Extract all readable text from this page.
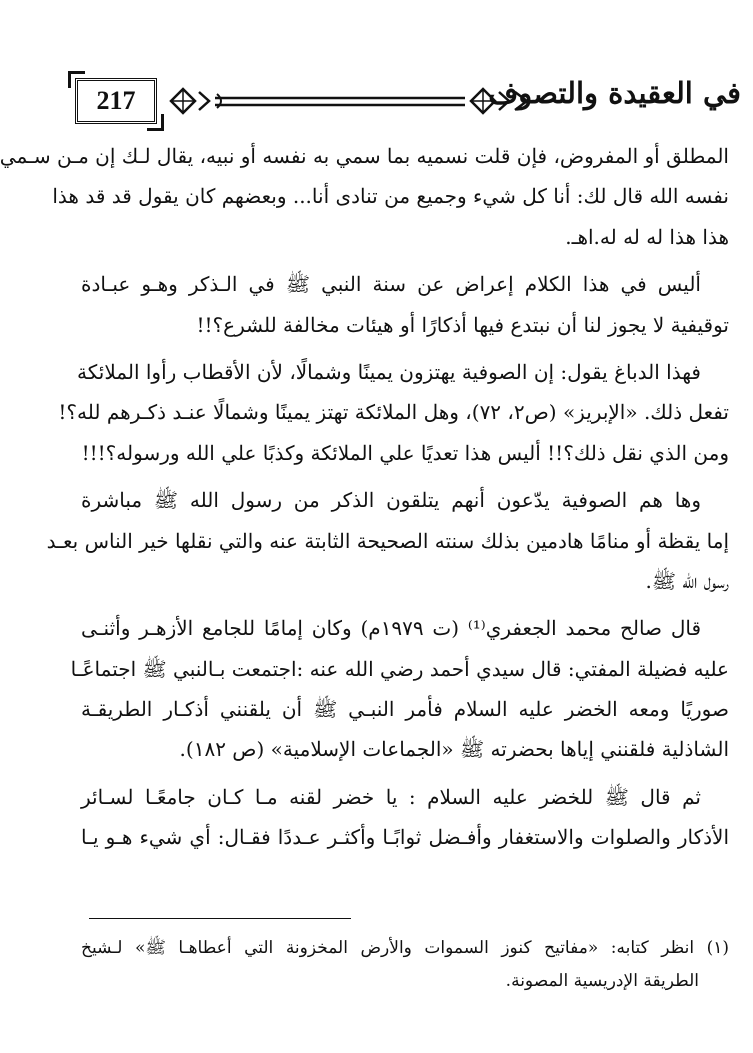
217	في العقيدة والتصوف
المطلق أو المفروض، فإن قلت نسميه بما سمي به نفسه أو نبيه، يقال لـك إن مـن سـمي
نفسه الله قال لك: أنا كل شيء وجميع من تنادى أنا... وبعضهم كان يقول قد قد هذا
هذا هذا له له له.اهـ.
أليس في هذا الكلام إعراض عن سنة النبي ﷺ في الـذكر وهـو عبـادة
توقيفية لا يجوز لنا أن نبتدع فيها أذكارًا أو هيئات مخالفة للشرع؟!!
فهذا الدباغ يقول: إن الصوفية يهتزون يمينًا وشمالًا، لأن الأقطاب رأوا الملائكة
تفعل ذلك. «الإبريز» (ص٢، ٧٢)، وهل الملائكة تهتز يمينًا وشمالًا عنـد ذكـرهم لله؟!
ومن الذي نقل ذلك؟!! أليس هذا تعديًا علي الملائكة وكذبًا علي الله ورسوله؟!!!
وها هم الصوفية يدّعون أنهم يتلقون الذكر من رسول الله ﷺ مباشرة
إما يقظة أو منامًا هادمين بذلك سنته الصحيحة الثابتة عنه والتي نقلها خير الناس بعـد
رسول الله ﷺ.
قال صالح محمد الجعفري⁽¹⁾ (ت ١٩٧٩م) وكان إمامًا للجامع الأزهـر وأثنـى
عليه فضيلة المفتي: قال سيدي أحمد رضي الله عنه :اجتمعت بـالنبي ﷺ اجتماعًـا
صوريًا ومعه الخضر عليه السلام فأمر النبـي ﷺ أن يلقنني أذكـار الطريقـة
الشاذلية فلقنني إياها بحضرته ﷺ «الجماعات الإسلامية» (ص ١٨٢).
ثم قال ﷺ للخضر عليه السلام : يا خضر لقنه مـا كـان جامعًـا لسـائر
الأذكار والصلوات والاستغفار وأفـضل ثوابًـا وأكثـر عـددًا فقـال: أي شيء هـو يـا
(١) انظر كتابه: «مفاتيح كنوز السموات والأرض المخزونة التي أعطاهـا ﷺ» لـشيخ
الطريقة الإدريسية المصونة.
